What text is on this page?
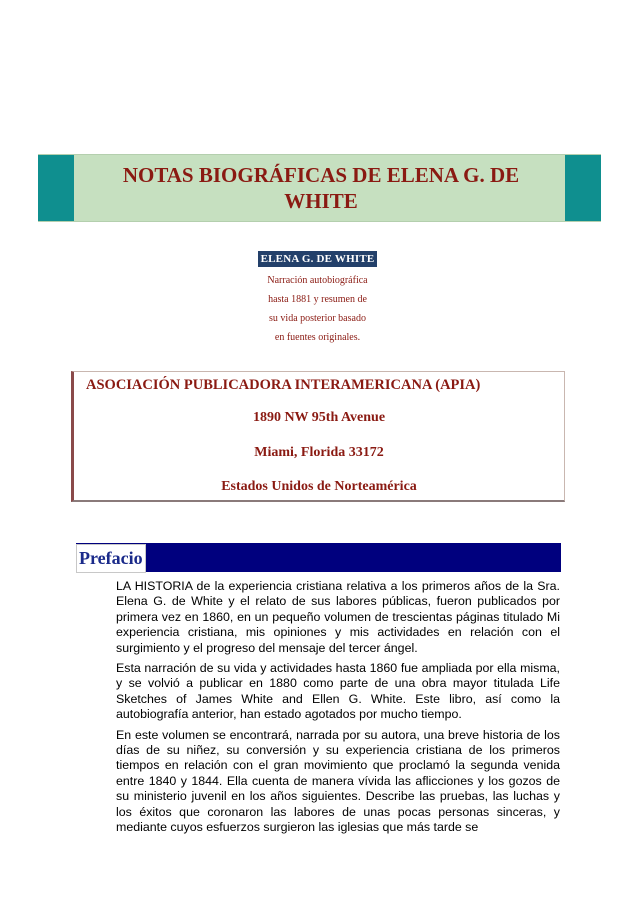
NOTAS BIOGRÁFICAS DE ELENA G. DE
WHITE
ELENA G. DE WHITE
Narración autobiográfica
hasta 1881 y resumen de
su vida posterior basado
en fuentes originales.
ASOCIACIÓN PUBLICADORA INTERAMERICANA (APIA)
1890 NW 95th Avenue
Miami, Florida 33172
Estados Unidos de Norteamérica
Prefacio

LA HISTORIA de la experiencia cristiana relativa a los primeros años de la Sra. Elena G. de White y el relato de sus labores públicas, fueron publicados por primera vez en 1860, en un pequeño volumen de trescientas páginas titulado Mi experiencia cristiana, mis opiniones y mis actividades en relación con el surgimiento y el progreso del mensaje del tercer ángel.

Esta narración de su vida y actividades hasta 1860 fue ampliada por ella misma, y se volvió a publicar en 1880 como parte de una obra mayor titulada Life Sketches of James White and Ellen G. White. Este libro, así como la autobiografía anterior, han estado agotados por mucho tiempo.

En este volumen se encontrará, narrada por su autora, una breve historia de los días de su niñez, su conversión y su experiencia cristiana de los primeros tiempos en relación con el gran movimiento que proclamó la segunda venida entre 1840 y 1844. Ella cuenta de manera vívida las aflicciones y los gozos de su ministerio juvenil en los años siguientes. Describe las pruebas, las luchas y los éxitos que coronaron las labores de unas pocas personas sinceras, y mediante cuyos esfuerzos surgieron las iglesias que más tarde se
